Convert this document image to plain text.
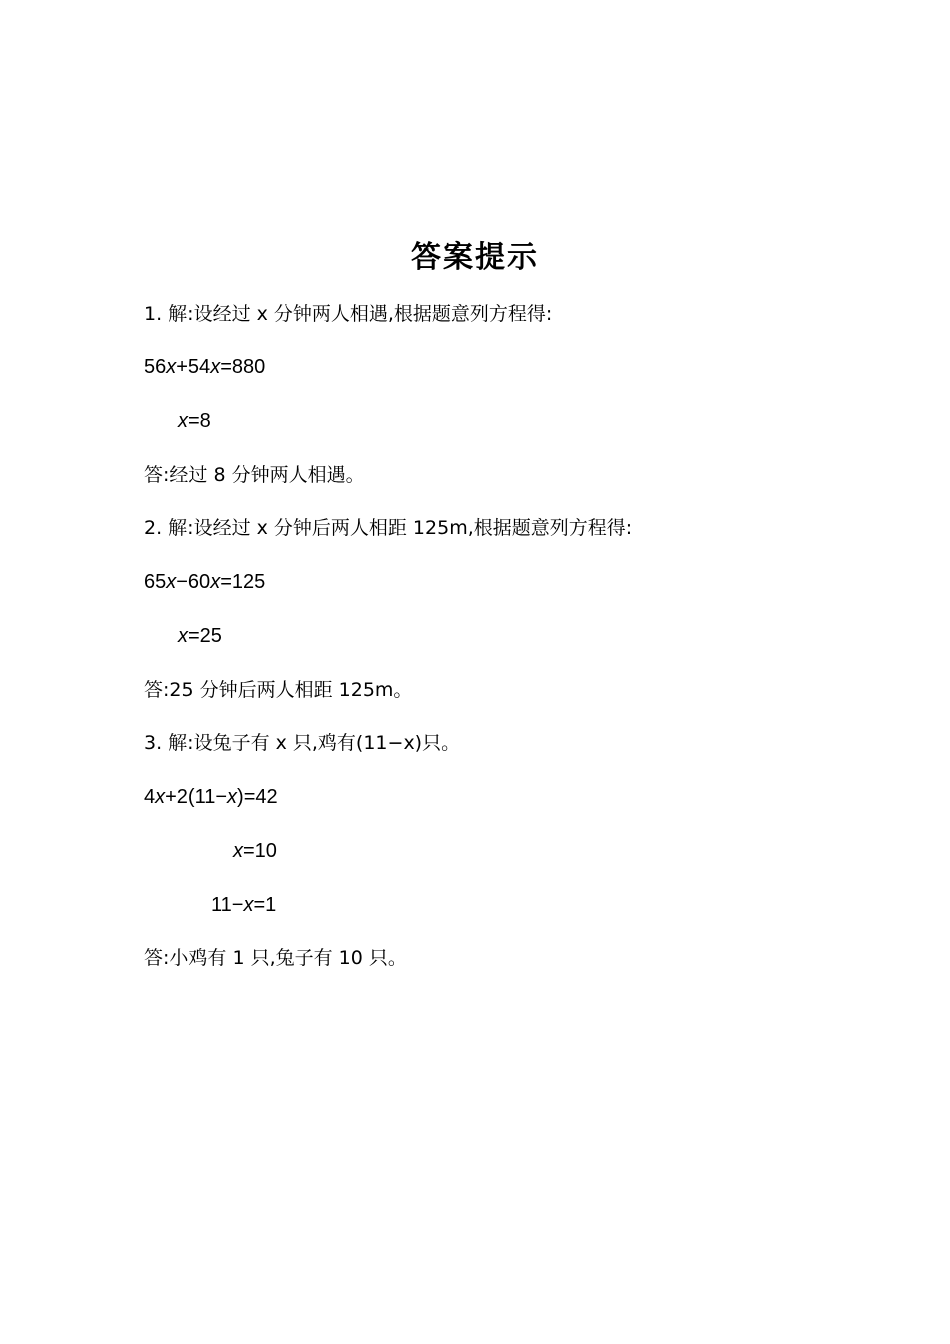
答案提示
1. 解:设经过 x 分钟两人相遇,根据题意列方程得:
56x+54x=880
x=8
答:经过 8 分钟两人相遇。
2. 解:设经过 x 分钟后两人相距 125m,根据题意列方程得:
65x−60x=125
x=25
答:25 分钟后两人相距 125m。
3. 解:设兔子有 x 只,鸡有(11−x)只。
4x+2(11−x)=42
x=10
11−x=1
答:小鸡有 1 只,兔子有 10 只。
